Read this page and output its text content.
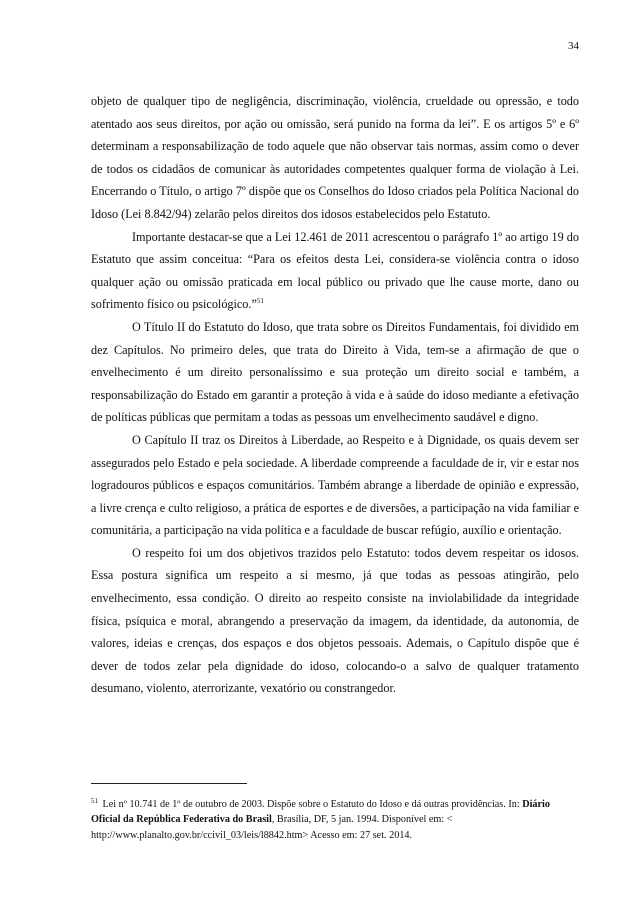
34

objeto de qualquer tipo de negligência, discriminação, violência, crueldade ou opressão, e todo atentado aos seus direitos, por ação ou omissão, será punido na forma da lei”. E os artigos 5º e 6º determinam a responsabilização de todo aquele que não observar tais normas, assim como o dever de todos os cidadãos de comunicar às autoridades competentes qualquer forma de violação à Lei. Encerrando o Título, o artigo 7º dispõe que os Conselhos do Idoso criados pela Política Nacional do Idoso (Lei 8.842/94) zelarão pelos direitos dos idosos estabelecidos pelo Estatuto.

Importante destacar-se que a Lei 12.461 de 2011 acrescentou o parágrafo 1º ao artigo 19 do Estatuto que assim conceitua: “Para os efeitos desta Lei, considera-se violência contra o idoso qualquer ação ou omissão praticada em local público ou privado que lhe cause morte, dano ou sofrimento físico ou psicológico.”$^{51}$

O Título II do Estatuto do Idoso, que trata sobre os Direitos Fundamentais, foi dividido em dez Capítulos. No primeiro deles, que trata do Direito à Vida, tem-se a afirmação de que o envelhecimento é um direito personalíssimo e sua proteção um direito social e também, a responsabilização do Estado em garantir a proteção à vida e à saúde do idoso mediante a efetivação de políticas públicas que permitam a todas as pessoas um envelhecimento saudável e digno.

O Capítulo II traz os Direitos à Liberdade, ao Respeito e à Dignidade, os quais devem ser assegurados pelo Estado e pela sociedade. A liberdade compreende a faculdade de ir, vir e estar nos logradouros públicos e espaços comunitários. Também abrange a liberdade de opinião e expressão, a livre crença e culto religioso, a prática de esportes e de diversões, a participação na vida familiar e comunitária, a participação na vida política e a faculdade de buscar refúgio, auxílio e orientação.

O respeito foi um dos objetivos trazidos pelo Estatuto: todos devem respeitar os idosos. Essa postura significa um respeito a si mesmo, já que todas as pessoas atingirão, pelo envelhecimento, essa condição. O direito ao respeito consiste na inviolabilidade da integridade física, psíquica e moral, abrangendo a preservação da imagem, da identidade, da autonomia, de valores, ideias e crenças, dos espaços e dos objetos pessoais. Ademais, o Capítulo dispõe que é dever de todos zelar pela dignidade do idoso, colocando-o a salvo de qualquer tratamento desumano, violento, aterrorizante, vexatório ou constrangedor.

$^{51}$ Lei nº 10.741 de 1º de outubro de 2003. Dispõe sobre o Estatuto do Idoso e dá outras providências. In: Diário Oficial da República Federativa do Brasil, Brasília, DF, 5 jan. 1994. Disponível em: < http://www.planalto.gov.br/ccivil_03/leis/l8842.htm> Acesso em: 27 set. 2014.
